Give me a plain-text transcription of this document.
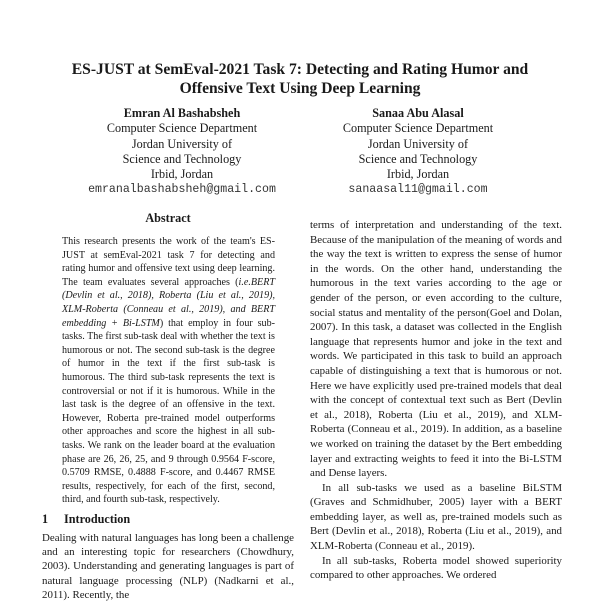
ES-JUST at SemEval-2021 Task 7: Detecting and Rating Humor and
Offensive Text Using Deep Learning
Emran Al Bashabsheh
Computer Science Department
Jordan University of
Science and Technology
Irbid, Jordan
emranalbashabsheh@gmail.com
Sanaa Abu Alasal
Computer Science Department
Jordan University of
Science and Technology
Irbid, Jordan
sanaasal11@gmail.com
Abstract
This research presents the work of the team's ES-JUST at semEval-2021 task 7 for detecting and rating humor and offensive text using deep learning. The team evaluates several approaches (i.e.BERT (Devlin et al., 2018), Roberta (Liu et al., 2019), XLM-Roberta (Conneau et al., 2019), and BERT embedding + Bi-LSTM) that employ in four sub-tasks. The first sub-task deal with whether the text is humorous or not. The second sub-task is the degree of humor in the text if the first sub-task is humorous. The third sub-task represents the text is controversial or not if it is humorous. While in the last task is the degree of an offensive in the text. However, Roberta pre-trained model outperforms other approaches and score the highest in all sub-tasks. We rank on the leader board at the evaluation phase are 26, 26, 25, and 9 through 0.9564 F-score, 0.5709 RMSE, 0.4888 F-score, and 0.4467 RMSE results, respectively, for each of the first, second, third, and fourth sub-task, respectively.
1 Introduction

Dealing with natural languages has long been a challenge and an interesting topic for researchers (Chowdhury, 2003). Understanding and generating languages is part of natural language processing (NLP) (Nadkarni et al., 2011). Recently, the

terms of interpretation and understanding of the text. Because of the manipulation of the meaning of words and the way the text is written to express the sense of humor in the words. On the other hand, understanding the humorous in the text varies according to the age or gender of the person, or even according to the culture, social status and mentality of the person(Goel and Dolan, 2007). In this task, a dataset was collected in the English language that represents humor and joke in the text and words. We participated in this task to build an approach capable of distinguishing a text that is humorous or not. Here we have explicitly used pre-trained models that deal with the concept of contextual text such as Bert (Devlin et al., 2018), Roberta (Liu et al., 2019), and XLM-Roberta (Conneau et al., 2019). In addition, as a baseline we worked on training the dataset by the Bert embedding layer and extracting weights to feed it into the Bi-LSTM and Dense layers.

In all sub-tasks we used as a baseline BiLSTM (Graves and Schmidhuber, 2005) layer with a BERT embedding layer, as well as, pre-trained models such as Bert (Devlin et al., 2018), Roberta (Liu et al., 2019), and XLM-Roberta (Conneau et al., 2019).

In all sub-tasks, Roberta model showed superiority compared to other approaches. We ordered
